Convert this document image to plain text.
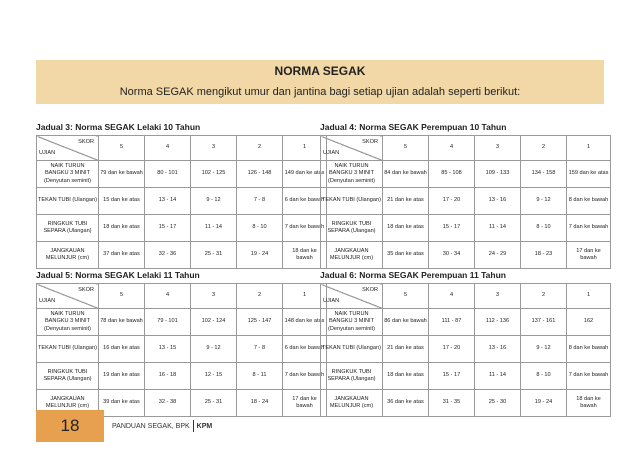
NORMA SEGAK
Norma SEGAK mengikut umur dan jantina bagi setiap ujian adalah seperti berikut:
Jadual 3: Norma SEGAK Lelaki 10 Tahun
SKOR
UJIAN	5	4	3	2	1
NAIK TURUN BANGKU 3 MINIT (Denyutan seminit)	79 dan ke bawah	80 - 101	102 - 125	126 - 148	149 dan ke atas
TEKAN TUBI (Ulangan)	15 dan ke atas	13 - 14	9 - 12	7 - 8	6 dan ke bawah
RINGKUK TUBI SEPARA (Ulangan)	18 dan ke atas	15 - 17	11 - 14	8 - 10	7 dan ke bawah
JANGKAUAN MELUNJUR (cm)	37 dan ke atas	32 - 36	25 - 31	19 - 24	18 dan ke bawah
Jadual 4: Norma SEGAK Perempuan 10 Tahun
SKOR
UJIAN	5	4	3	2	1
NAIK TURUN BANGKU 3 MINIT (Denyutan seminit)	84 dan ke bawah	85 - 108	109 - 133	134 - 158	159 dan ke atas
TEKAN TUBI (Ulangan)	21 dan ke atas	17 - 20	13 - 16	9 - 12	8 dan ke bawah
RINGKUK TUBI SEPARA (Ulangan)	18 dan ke atas	15 - 17	11 - 14	8 - 10	7 dan ke bawah
JANGKAUAN MELUNJUR (cm)	35 dan ke atas	30 - 34	24 - 29	18 - 23	17 dan ke bawah
Jadual 5: Norma SEGAK Lelaki 11 Tahun
SKOR
UJIAN	5	4	3	2	1
NAIK TURUN BANGKU 3 MINIT (Denyutan seminit)	78 dan ke bawah	79 - 101	102 - 124	125 - 147	148 dan ke atas
TEKAN TUBI (Ulangan)	16 dan ke atas	13 - 15	9 - 12	7 - 8	6 dan ke bawah
RINGKUK TUBI SEPARA (Ulangan)	19 dan ke atas	16 - 18	12 - 15	8 - 11	7 dan ke bawah
JANGKAUAN MELUNJUR (cm)	39 dan ke atas	32 - 38	25 - 31	18 - 24	17 dan ke bawah
Jadual 6: Norma SEGAK Perempuan 11 Tahun
SKOR
UJIAN	5	4	3	2	1
NAIK TURUN BANGKU 3 MINIT (Denyutan seminit)	86 dan ke bawah	111 - 87	112 - 136	137 - 161	162
TEKAN TUBI (Ulangan)	21 dan ke atas	17 - 20	13 - 16	9 - 12	8 dan ke bawah
RINGKUK TUBI SEPARA (Ulangan)	18 dan ke atas	15 - 17	11 - 14	8 - 10	7 dan ke bawah
JANGKAUAN MELUNJUR (cm)	36 dan ke atas	31 - 35	25 - 30	19 - 24	18 dan ke bawah
18	PANDUAN SEGAK, BPK KPM
